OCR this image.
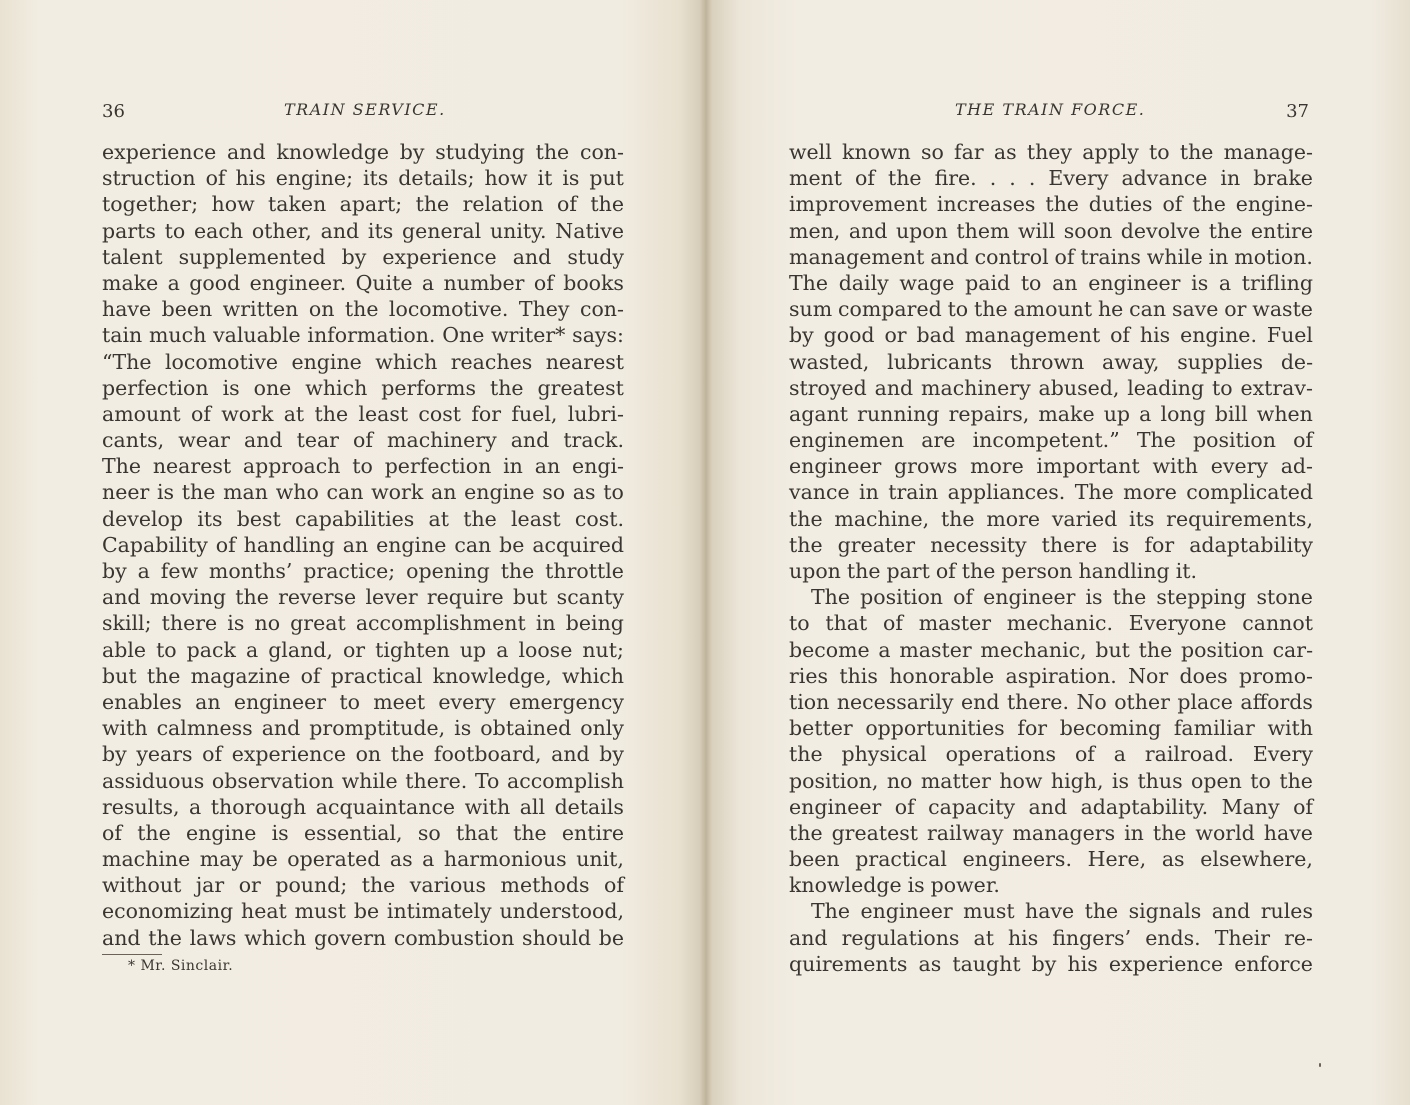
36	TRAIN SERVICE.
experience and knowledge by studying the con-
struction of his engine; its details; how it is put
together; how taken apart; the relation of the
parts to each other, and its general unity. Native
talent supplemented by experience and study
make a good engineer. Quite a number of books
have been written on the locomotive. They con-
tain much valuable information. One writer* says:
“The locomotive engine which reaches nearest
perfection is one which performs the greatest
amount of work at the least cost for fuel, lubri-
cants, wear and tear of machinery and track.
The nearest approach to perfection in an engi-
neer is the man who can work an engine so as to
develop its best capabilities at the least cost.
Capability of handling an engine can be acquired
by a few months’ practice; opening the throttle
and moving the reverse lever require but scanty
skill; there is no great accomplishment in being
able to pack a gland, or tighten up a loose nut;
but the magazine of practical knowledge, which
enables an engineer to meet every emergency
with calmness and promptitude, is obtained only
by years of experience on the footboard, and by
assiduous observation while there. To accomplish
results, a thorough acquaintance with all details
of the engine is essential, so that the entire
machine may be operated as a harmonious unit,
without jar or pound; the various methods of
economizing heat must be intimately understood,
and the laws which govern combustion should be
* Mr. Sinclair.
THE TRAIN FORCE.	37
well known so far as they apply to the manage-
ment of the fire. . . . Every advance in brake
improvement increases the duties of the engine-
men, and upon them will soon devolve the entire
management and control of trains while in motion.
The daily wage paid to an engineer is a trifling
sum compared to the amount he can save or waste
by good or bad management of his engine. Fuel
wasted, lubricants thrown away, supplies de-
stroyed and machinery abused, leading to extrav-
agant running repairs, make up a long bill when
enginemen are incompetent.” The position of
engineer grows more important with every ad-
vance in train appliances. The more complicated
the machine, the more varied its requirements,
the greater necessity there is for adaptability
upon the part of the person handling it.
The position of engineer is the stepping stone
to that of master mechanic. Everyone cannot
become a master mechanic, but the position car-
ries this honorable aspiration. Nor does promo-
tion necessarily end there. No other place affords
better opportunities for becoming familiar with
the physical operations of a railroad. Every
position, no matter how high, is thus open to the
engineer of capacity and adaptability. Many of
the greatest railway managers in the world have
been practical engineers. Here, as elsewhere,
knowledge is power.
The engineer must have the signals and rules
and regulations at his fingers’ ends. Their re-
quirements as taught by his experience enforce
